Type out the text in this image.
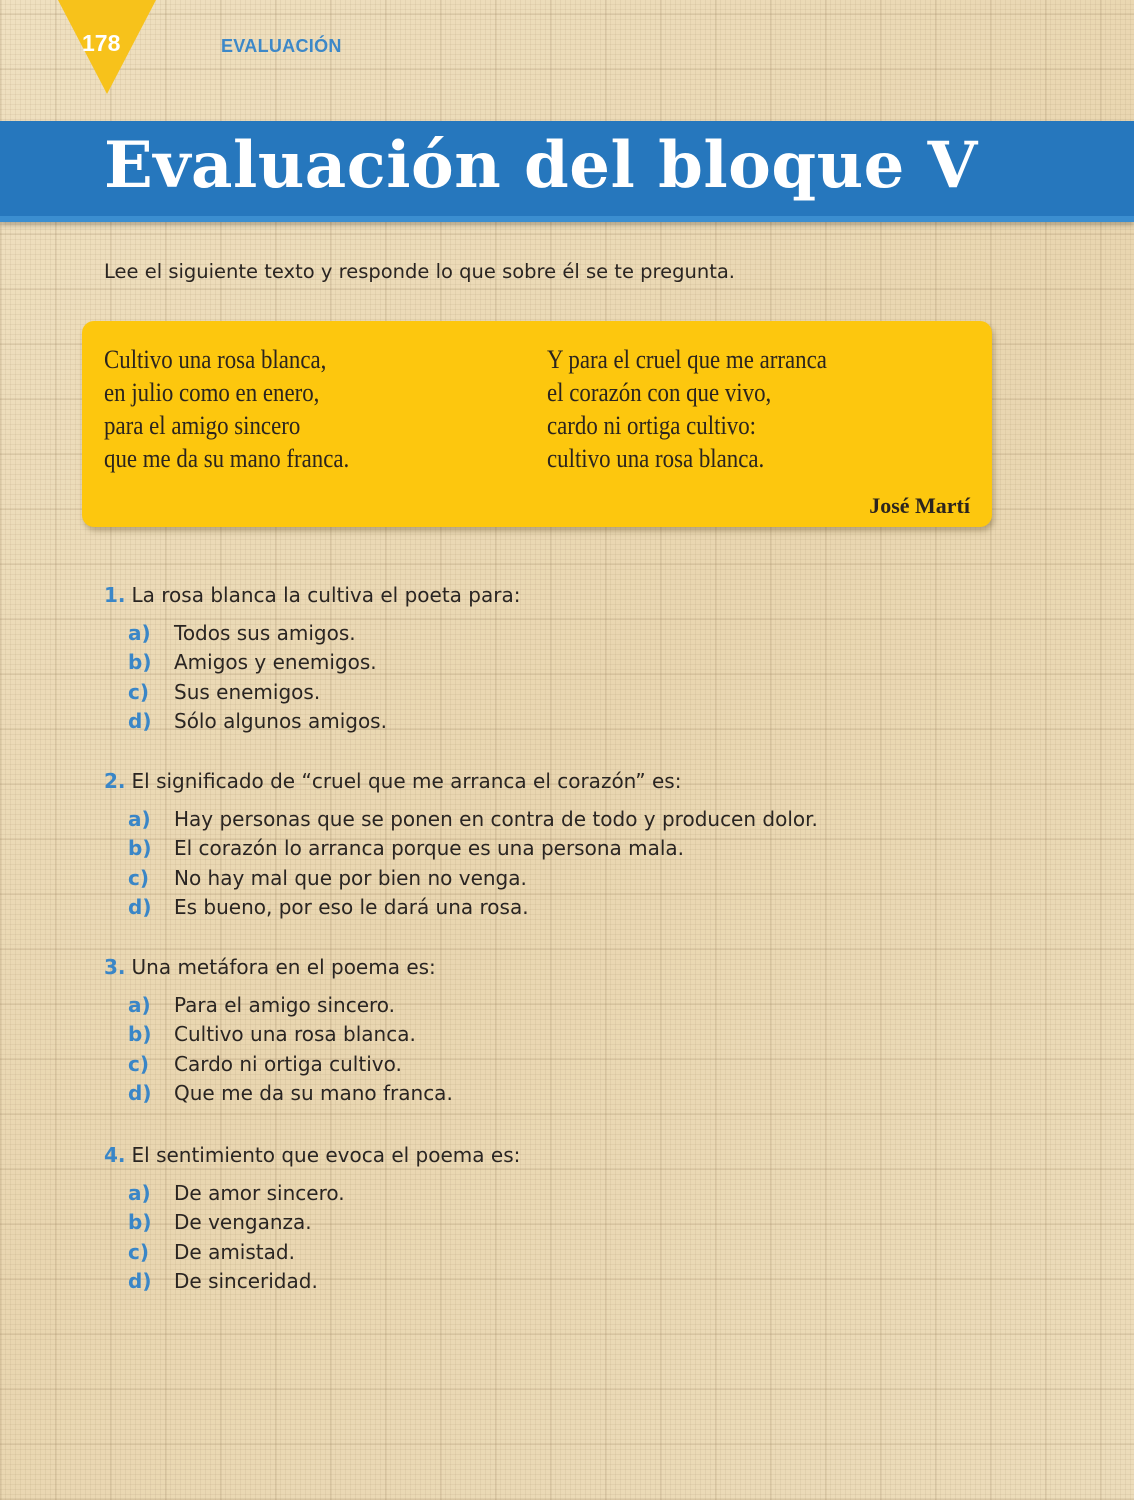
178	EVALUACIÓN
Evaluación del bloque V
Lee el siguiente texto y responde lo que sobre él se te pregunta.
Cultivo una rosa blanca,
en julio como en enero,
para el amigo sincero
que me da su mano franca.
Y para el cruel que me arranca
el corazón con que vivo,
cardo ni ortiga cultivo:
cultivo una rosa blanca.
José Martí
1. La rosa blanca la cultiva el poeta para:
a)	Todos sus amigos.
b)	Amigos y enemigos.
c)	Sus enemigos.
d)	Sólo algunos amigos.
2. El significado de “cruel que me arranca el corazón” es:
a)	Hay personas que se ponen en contra de todo y producen dolor.
b)	El corazón lo arranca porque es una persona mala.
c)	No hay mal que por bien no venga.
d)	Es bueno, por eso le dará una rosa.
3. Una metáfora en el poema es:
a)	Para el amigo sincero.
b)	Cultivo una rosa blanca.
c)	Cardo ni ortiga cultivo.
d)	Que me da su mano franca.
4. El sentimiento que evoca el poema es:
a)	De amor sincero.
b)	De venganza.
c)	De amistad.
d)	De sinceridad.
